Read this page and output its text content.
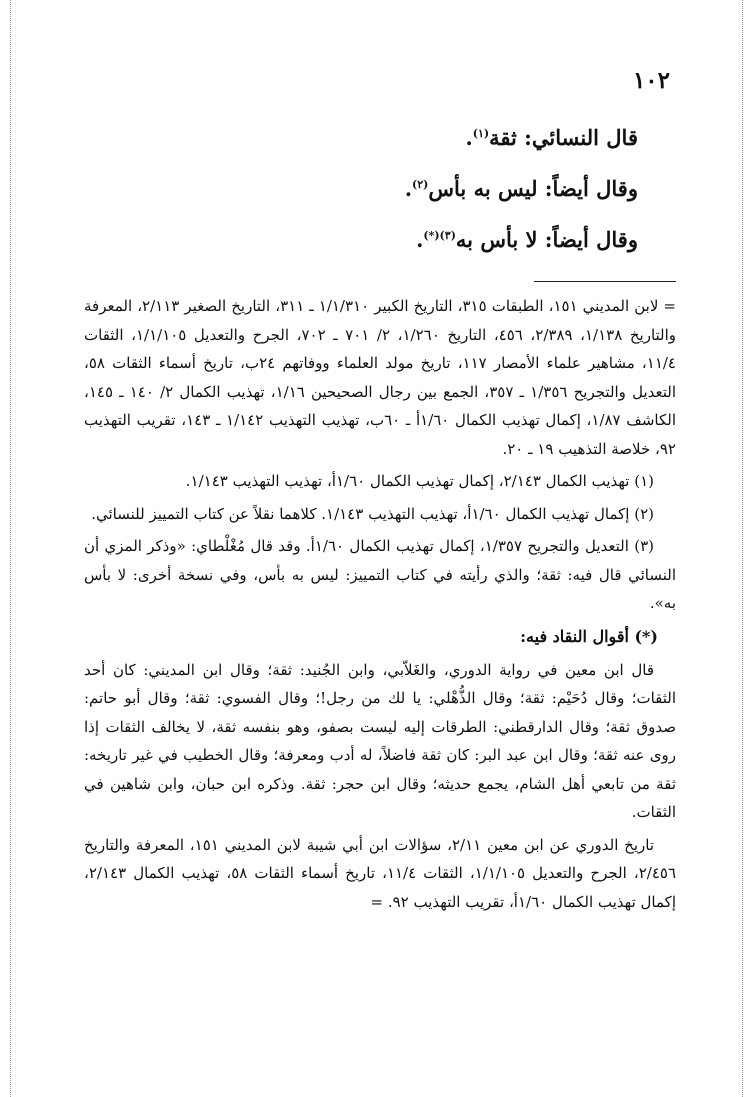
١٠٢
قال النسائي: ثقة$^{(١)}$.
وقال أيضاً: ليس به بأس$^{(٢)}$.
وقال أيضاً: لا بأس به$^{(٣)(*)}$.

= لابن المديني ١٥١، الطبقات ٣١٥، التاريخ الكبير ١/١/٣١٠ ـ ٣١١، التاريخ الصغير ٢/١١٣، المعرفة والتاريخ ١/١٣٨، ٢/٣٨٩، ٤٥٦، التاريخ ١/٢٦٠، ٢/ ٧٠١ ـ ٧٠٢، الجرح والتعديل ١/١/١٠٥، الثقات ١١/٤، مشاهير علماء الأمصار ١١٧، تاريخ مولد العلماء ووفاتهم ٢٤ب، تاريخ أسماء الثقات ٥٨، التعديل والتجريح ١/٣٥٦ ـ ٣٥٧، الجمع بين رجال الصحيحين ١/١٦، تهذيب الكمال ٢/ ١٤٠ ـ ١٤٥، الكاشف ١/٨٧، إكمال تهذيب الكمال ١/٦٠أ ـ ٦٠ب، تهذيب التهذيب ١/١٤٢ ـ ١٤٣، تقريب التهذيب ٩٢، خلاصة التذهيب ١٩ ـ ٢٠.

(١) تهذيب الكمال ٢/١٤٣، إكمال تهذيب الكمال ١/٦٠أ، تهذيب التهذيب ١/١٤٣.

(٢) إكمال تهذيب الكمال ١/٦٠أ، تهذيب التهذيب ١/١٤٣. كلاهما نقلاً عن كتاب التمييز للنسائي.

(٣) التعديل والتجريح ١/٣٥٧، إكمال تهذيب الكمال ١/٦٠أ. وقد قال مُغْلْطاي: «وذكر المزي أن النسائي قال فيه: ثقة؛ والذي رأيته في كتاب التمييز: ليس به بأس، وفي نسخة أخرى: لا بأس به».

(*) أقوال النقاد فيه:

قال ابن معين في رواية الدوري، والغَلاّبي، وابن الجُنيد: ثقة؛ وقال ابن المديني: كان أحد الثقات؛ وقال دُحَيْم: ثقة؛ وقال الذُّهْلي: يا لك من رجل!؛ وقال الفسوي: ثقة؛ وقال أبو حاتم: صدوق ثقة؛ وقال الدارقطني: الطرقات إليه ليست بصفو، وهو بنفسه ثقة، لا يخالف الثقات إذا روى عنه ثقة؛ وقال ابن عبد البر: كان ثقة فاضلاً، له أدب ومعرفة؛ وقال الخطيب في غير تاريخه: ثقة من تابعي أهل الشام، يجمع حديثه؛ وقال ابن حجر: ثقة. وذكره ابن حبان، وابن شاهين في الثقات.

تاريخ الدوري عن ابن معين ٢/١١، سؤالات ابن أبي شيبة لابن المديني ١٥١، المعرفة والتاريخ ٢/٤٥٦، الجرح والتعديل ١/١/١٠٥، الثقات ١١/٤، تاريخ أسماء الثقات ٥٨، تهذيب الكمال ٢/١٤٣، إكمال تهذيب الكمال ١/٦٠أ، تقريب التهذيب ٩٢. =
